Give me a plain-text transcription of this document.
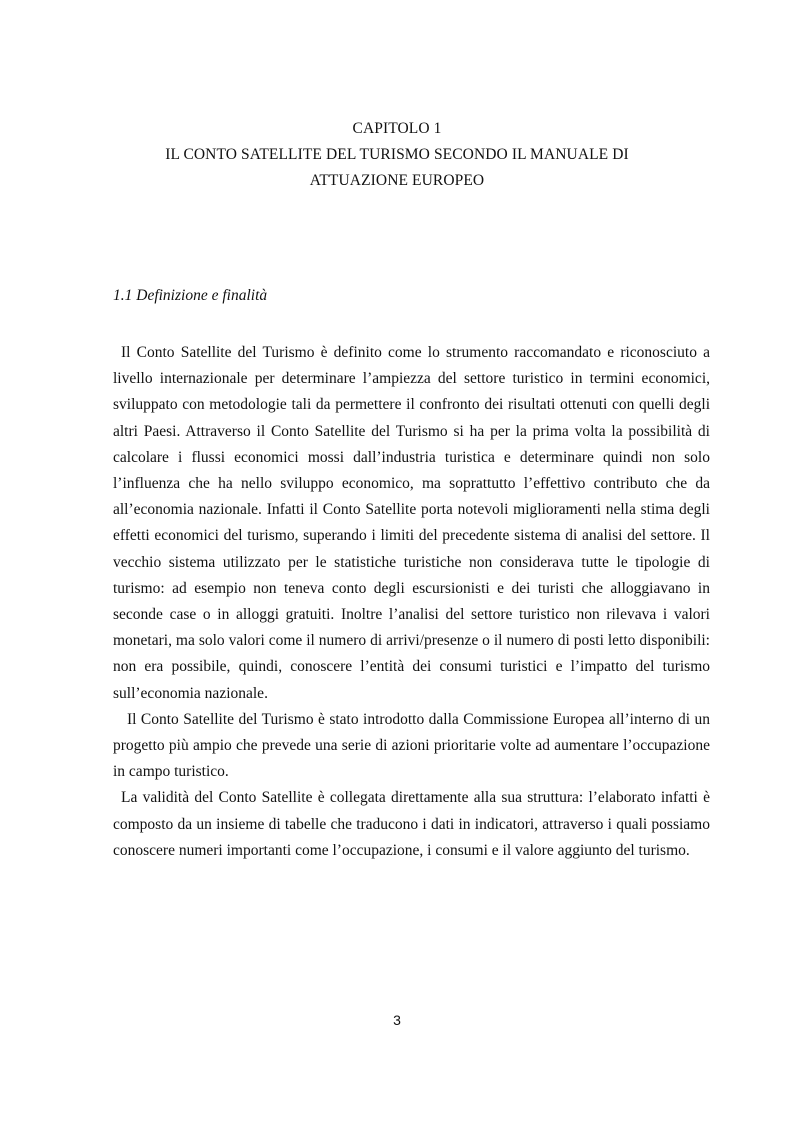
CAPITOLO 1
IL CONTO SATELLITE DEL TURISMO SECONDO IL MANUALE DI
ATTUAZIONE EUROPEO
1.1 Definizione e finalità

Il Conto Satellite del Turismo è definito come lo strumento raccomandato e riconosciuto a livello internazionale per determinare l’ampiezza del settore turistico in termini economici, sviluppato con metodologie tali da permettere il confronto dei risultati ottenuti con quelli degli altri Paesi. Attraverso il Conto Satellite del Turismo si ha per la prima volta la possibilità di calcolare i flussi economici mossi dall’industria turistica e determinare quindi non solo l’influenza che ha nello sviluppo economico, ma soprattutto l’effettivo contributo che da all’economia nazionale. Infatti il Conto Satellite porta notevoli miglioramenti nella stima degli effetti economici del turismo, superando i limiti del precedente sistema di analisi del settore. Il vecchio sistema utilizzato per le statistiche turistiche non considerava tutte le tipologie di turismo: ad esempio non teneva conto degli escursionisti e dei turisti che alloggiavano in seconde case o in alloggi gratuiti. Inoltre l’analisi del settore turistico non rilevava i valori monetari, ma solo valori come il numero di arrivi/presenze o il numero di posti letto disponibili: non era possibile, quindi, conoscere l’entità dei consumi turistici e l’impatto del turismo sull’economia nazionale.

Il Conto Satellite del Turismo è stato introdotto dalla Commissione Europea all’interno di un progetto più ampio che prevede una serie di azioni prioritarie volte ad aumentare l’occupazione in campo turistico.

La validità del Conto Satellite è collegata direttamente alla sua struttura: l’elaborato infatti è composto da un insieme di tabelle che traducono i dati in indicatori, attraverso i quali possiamo conoscere numeri importanti come l’occupazione, i consumi e il valore aggiunto del turismo.

3
